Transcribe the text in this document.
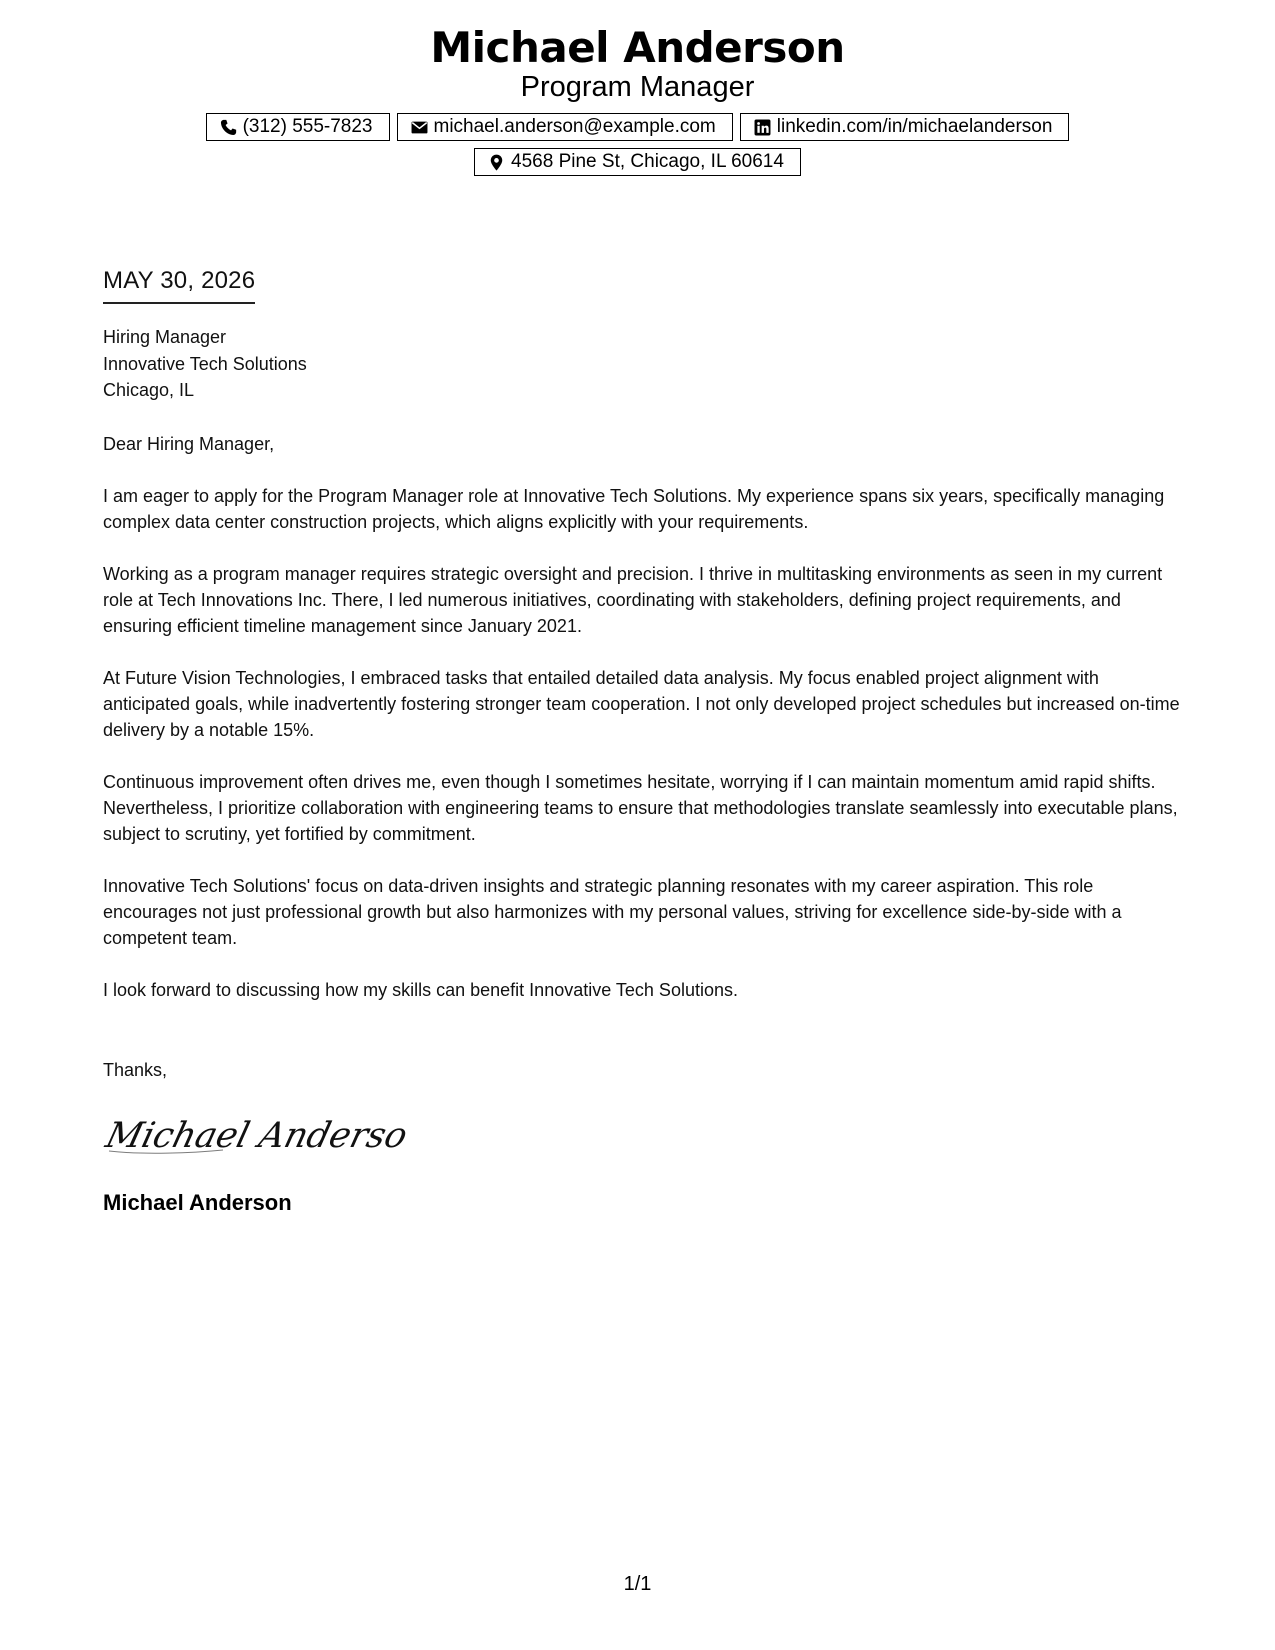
Michael Anderson
Program Manager
(312) 555-7823	michael.anderson@example.com	linkedin.com/in/michaelanderson
4568 Pine St, Chicago, IL 60614
MAY 30, 2026
Hiring Manager
Innovative Tech Solutions
Chicago, IL
Dear Hiring Manager,
I am eager to apply for the Program Manager role at Innovative Tech Solutions. My experience spans six years, specifically managing complex data center construction projects, which aligns explicitly with your requirements.
Working as a program manager requires strategic oversight and precision. I thrive in multitasking environments as seen in my current role at Tech Innovations Inc. There, I led numerous initiatives, coordinating with stakeholders, defining project requirements, and ensuring efficient timeline management since January 2021.
At Future Vision Technologies, I embraced tasks that entailed detailed data analysis. My focus enabled project alignment with anticipated goals, while inadvertently fostering stronger team cooperation. I not only developed project schedules but increased on-time delivery by a notable 15%.
Continuous improvement often drives me, even though I sometimes hesitate, worrying if I can maintain momentum amid rapid shifts. Nevertheless, I prioritize collaboration with engineering teams to ensure that methodologies translate seamlessly into executable plans, subject to scrutiny, yet fortified by commitment.
Innovative Tech Solutions' focus on data-driven insights and strategic planning resonates with my career aspiration. This role encourages not just professional growth but also harmonizes with my personal values, striving for excellence side-by-side with a competent team.
I look forward to discussing how my skills can benefit Innovative Tech Solutions.
Thanks,
Michael Anderso
Michael Anderson
1/1
